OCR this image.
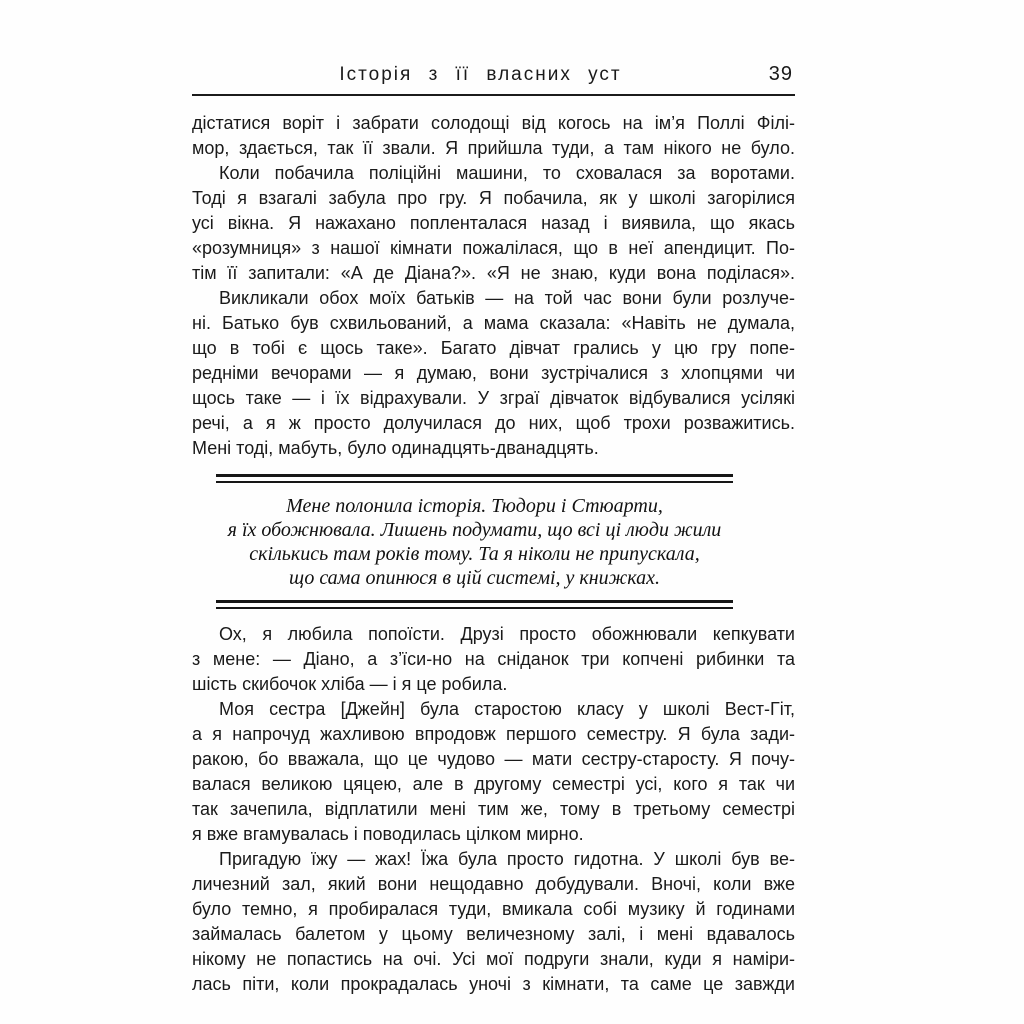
Історія з її власних уст	39
дістатися воріт і забрати солодощі від когось на ім’я Поллі Філі-
мор, здається, так її звали. Я прийшла туди, а там нікого не було.
Коли побачила поліційні машини, то сховалася за воротами.
Тоді я взагалі забула про гру. Я побачила, як у школі загорілися
усі вікна. Я нажахано попленталася назад і виявила, що якась
«розумниця» з нашої кімнати пожалілася, що в неї апендицит. По-
тім її запитали: «А де Діана?». «Я не знаю, куди вона поділася».
Викликали обох моїх батьків — на той час вони були розлуче-
ні. Батько був схвильований, а мама сказала: «Навіть не думала,
що в тобі є щось таке». Багато дівчат грались у цю гру попе-
редніми вечорами — я думаю, вони зустрічалися з хлопцями чи
щось таке — і їх відрахували. У зграї дівчаток відбувалися усілякі
речі, а я ж просто долучилася до них, щоб трохи розважитись.
Мені тоді, мабуть, було одинадцять-дванадцять.
Мене полонила історія. Тюдори і Стюарти,
я їх обожнювала. Лишень подумати, що всі ці люди жили
скількись там років тому. Та я ніколи не припускала,
що сама опинюся в цій системі, у книжках.
Ох, я любила попоїсти. Друзі просто обожнювали кепкувати
з мене: — Діано, а з’їси-но на сніданок три копчені рибинки та
шість скибочок хліба — і я це робила.
Моя сестра [Джейн] була старостою класу у школі Вест-Гіт,
а я напрочуд жахливою впродовж першого семестру. Я була зади-
ракою, бо вважала, що це чудово — мати сестру-старосту. Я почу-
валася великою цяцею, але в другому семестрі усі, кого я так чи
так зачепила, відплатили мені тим же, тому в третьому семестрі
я вже вгамувалась і поводилась цілком мирно.
Пригадую їжу — жах! Їжа була просто гидотна. У школі був ве-
личезний зал, який вони нещодавно добудували. Вночі, коли вже
було темно, я пробиралася туди, вмикала собі музику й годинами
займалась балетом у цьому величезному залі, і мені вдавалось
нікому не попастись на очі. Усі мої подруги знали, куди я наміри-
лась піти, коли прокрадалась уночі з кімнати, та саме це завжди
